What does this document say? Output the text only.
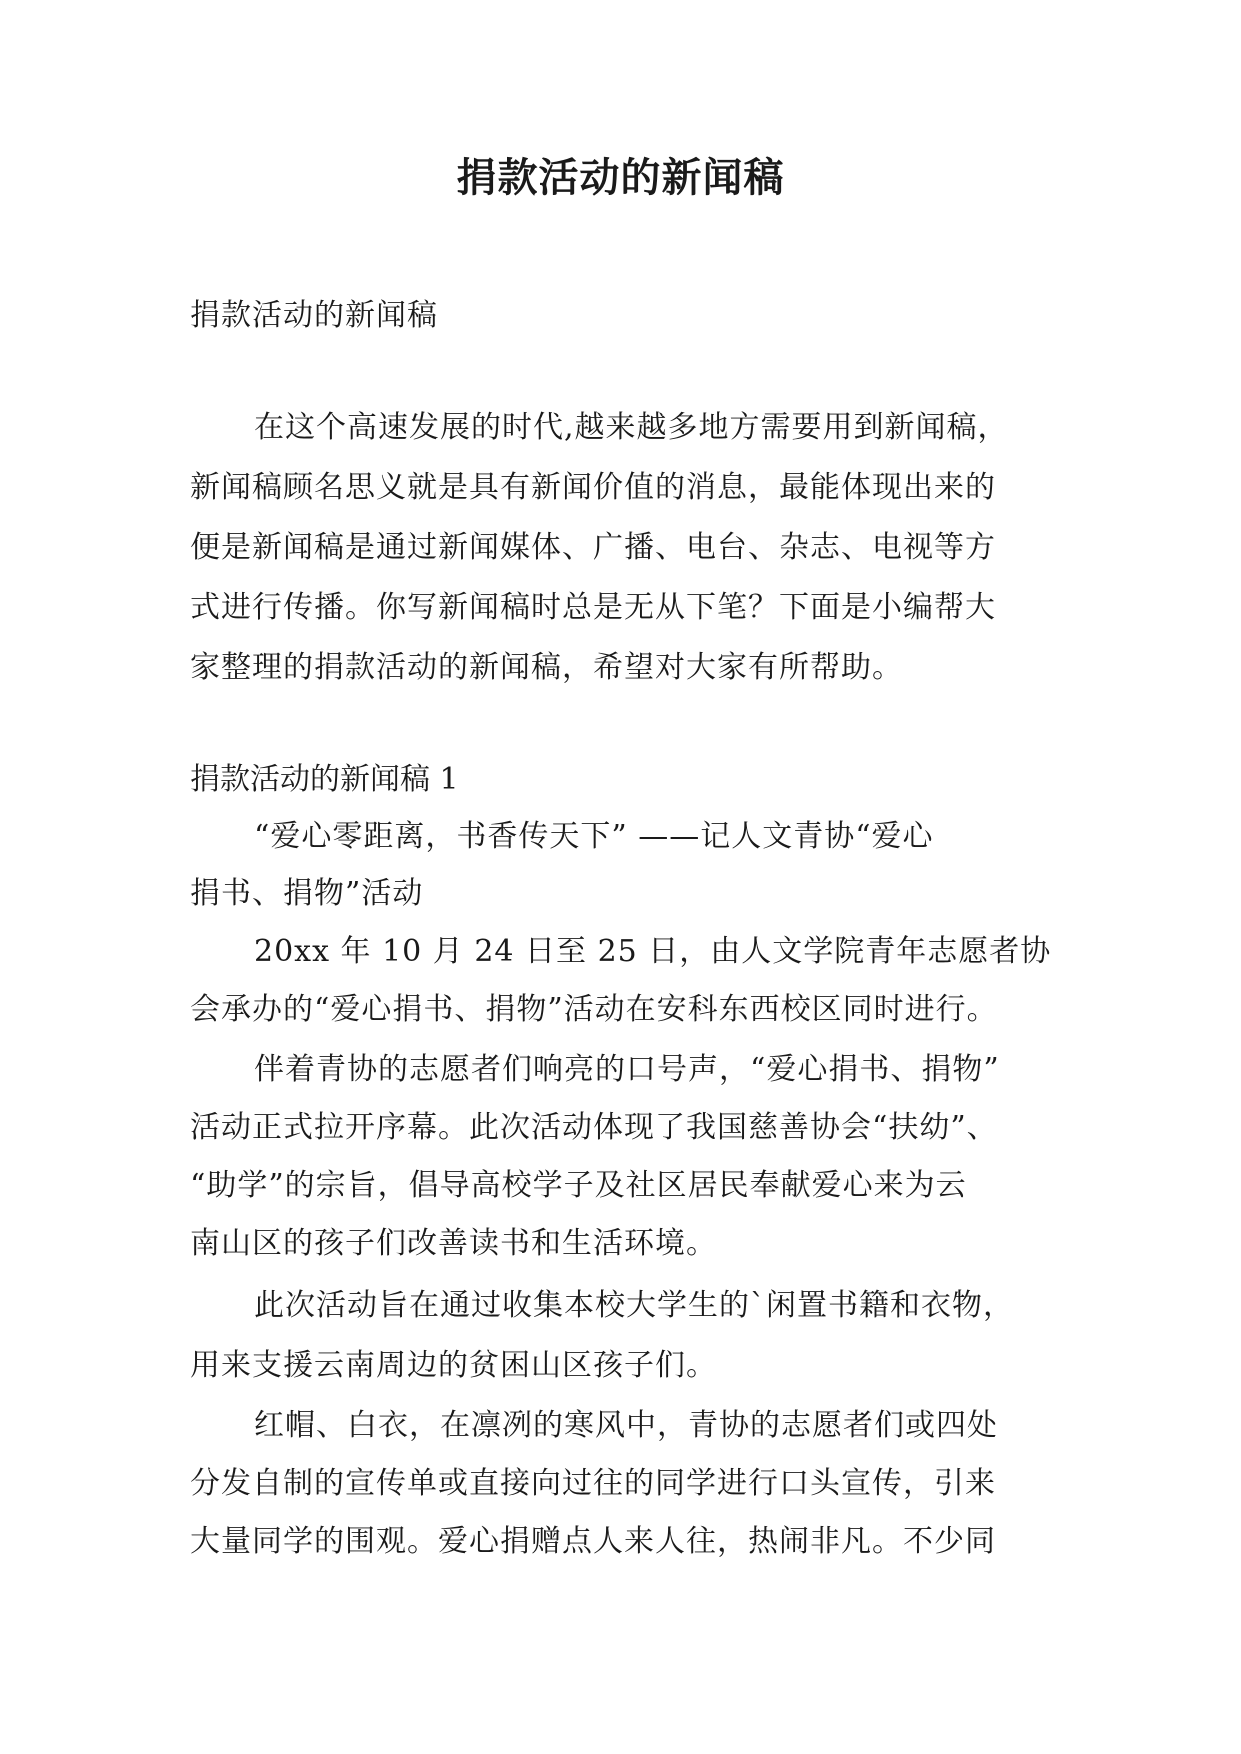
捐款活动的新闻稿

捐款活动的新闻稿

在这个高速发展的时代,越来越多地方需要用到新闻稿，

新闻稿顾名思义就是具有新闻价值的消息，最能体现出来的

便是新闻稿是通过新闻媒体、广播、电台、杂志、电视等方

式进行传播。你写新闻稿时总是无从下笔？下面是小编帮大

家整理的捐款活动的新闻稿，希望对大家有所帮助。

捐款活动的新闻稿 1

“爱心零距离，书香传天下” ——记人文青协“爱心

捐书、捐物”活动

20xx 年 10 月 24 日至 25 日，由人文学院青年志愿者协

会承办的“爱心捐书、捐物”活动在安科东西校区同时进行。

伴着青协的志愿者们响亮的口号声，“爱心捐书、捐物”

活动正式拉开序幕。此次活动体现了我国慈善协会“扶幼”、

“助学”的宗旨，倡导高校学子及社区居民奉献爱心来为云

南山区的孩子们改善读书和生活环境。

此次活动旨在通过收集本校大学生的`闲置书籍和衣物，

用来支援云南周边的贫困山区孩子们。

红帽、白衣，在凛冽的寒风中，青协的志愿者们或四处

分发自制的宣传单或直接向过往的同学进行口头宣传，引来

大量同学的围观。爱心捐赠点人来人往，热闹非凡。不少同
